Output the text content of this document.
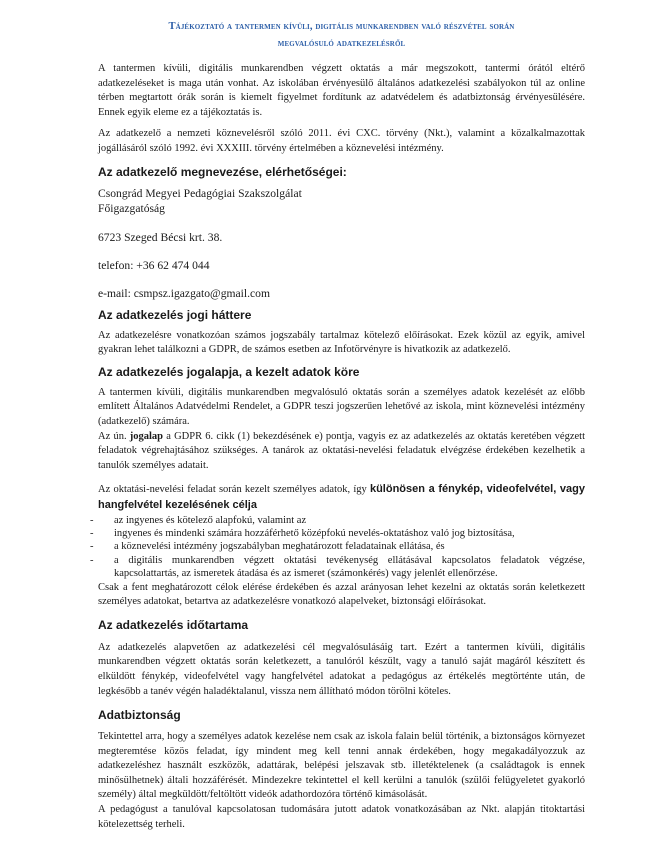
Tájékoztató a tantermen kívüli, digitális munkarendben való részvétel során
megvalósuló adatkezelésről

A tantermen kívüli, digitális munkarendben végzett oktatás a már megszokott, tantermi órától eltérő adatkezeléseket is maga után vonhat. Az iskolában érvényesülő általános adatkezelési szabályokon túl az online térben megtartott órák során is kiemelt figyelmet fordítunk az adatvédelem és adatbiztonság érvényesülésére. Ennek egyik eleme ez a tájékoztatás is.

Az adatkezelő a nemzeti köznevelésről szóló 2011. évi CXC. törvény (Nkt.), valamint a közalkalmazottak jogállásáról szóló 1992. évi XXXIII. törvény értelmében a köznevelési intézmény.

Az adatkezelő megnevezése, elérhetőségei:

Csongrád Megyei Pedagógiai Szakszolgálat

Főigazgatóság

6723 Szeged Bécsi krt. 38.

telefon: +36 62 474 044

e-mail: csmpsz.igazgato@gmail.com

Az adatkezelés jogi háttere

Az adatkezelésre vonatkozóan számos jogszabály tartalmaz kötelező előírásokat. Ezek közül az egyik, amivel gyakran lehet találkozni a GDPR, de számos esetben az Infotörvényre is hivatkozik az adatkezelő.

Az adatkezelés jogalapja, a kezelt adatok köre

A tantermen kívüli, digitális munkarendben megvalósuló oktatás során a személyes adatok kezelését az előbb említett Általános Adatvédelmi Rendelet, a GDPR teszi jogszerűen lehetővé az iskola, mint köznevelési intézmény (adatkezelő) számára.

Az ún. jogalap a GDPR 6. cikk (1) bekezdésének e) pontja, vagyis ez az adatkezelés az oktatás keretében végzett feladatok végrehajtásához szükséges. A tanárok az oktatási-nevelési feladatuk elvégzése érdekében kezelhetik a tanulók személyes adatait.

Az oktatási-nevelési feladat során kezelt személyes adatok, így különösen a fénykép, videofelvétel, vagy hangfelvétel kezelésének célja

- az ingyenes és kötelező alapfokú, valamint az
- ingyenes és mindenki számára hozzáférhető középfokú nevelés-oktatáshoz való jog biztosítása,
- a köznevelési intézmény jogszabályban meghatározott feladatainak ellátása, és
- a digitális munkarendben végzett oktatási tevékenység ellátásával kapcsolatos feladatok végzése, kapcsolattartás, az ismeretek átadása és az ismeret (számonkérés) vagy jelenlét ellenőrzése.

Csak a fent meghatározott célok elérése érdekében és azzal arányosan lehet kezelni az oktatás során keletkezett személyes adatokat, betartva az adatkezelésre vonatkozó alapelveket, biztonsági előírásokat.

Az adatkezelés időtartama

Az adatkezelés alapvetően az adatkezelési cél megvalósulásáig tart. Ezért a tantermen kívüli, digitális munkarendben végzett oktatás során keletkezett, a tanulóról készült, vagy a tanuló saját magáról készített és elküldött fénykép, videofelvétel vagy hangfelvétel adatokat a pedagógus az értékelés megtörténte után, de legkésőbb a tanév végén haladéktalanul, vissza nem állítható módon törölni köteles.

Adatbiztonság

Tekintettel arra, hogy a személyes adatok kezelése nem csak az iskola falain belül történik, a biztonságos környezet megteremtése közös feladat, így mindent meg kell tenni annak érdekében, hogy megakadályozzuk az adatkezeléshez használt eszközök, adattárak, belépési jelszavak stb. illetéktelenek (a családtagok is ennek minősülhetnek) általi hozzáférését. Mindezekre tekintettel el kell kerülni a tanulók (szülői felügyeletet gyakorló személy) által megküldött/feltöltött videók adathordozóra történő kimásolását.

A pedagógust a tanulóval kapcsolatosan tudomására jutott adatok vonatkozásában az Nkt. alapján titoktartási kötelezettség terheli.
